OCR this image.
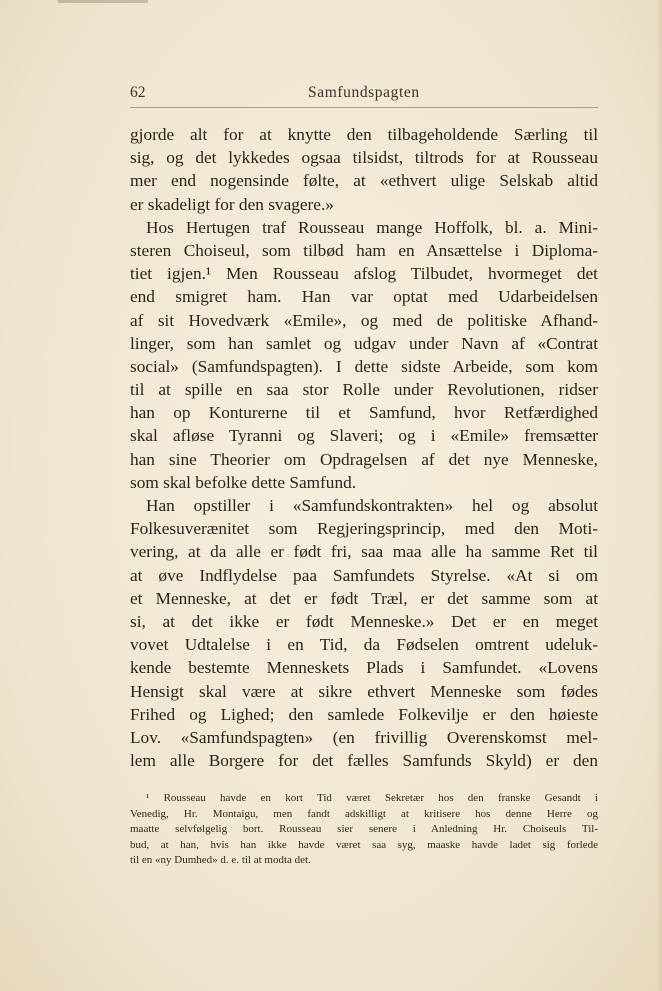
62	Samfundspagten
gjorde alt for at knytte den tilbageholdende Særling til
sig, og det lykkedes ogsaa tilsidst, tiltrods for at Rousseau
mer end nogensinde følte, at «ethvert ulige Selskab altid
er skadeligt for den svagere.»
Hos Hertugen traf Rousseau mange Hoffolk, bl. a. Mini-
steren Choiseul, som tilbød ham en Ansættelse i Diploma-
tiet igjen.¹ Men Rousseau afslog Tilbudet, hvormeget det
end smigret ham. Han var optat med Udarbeidelsen
af sit Hovedværk «Emile», og med de politiske Afhand-
linger, som han samlet og udgav under Navn af «Contrat
social» (Samfundspagten). I dette sidste Arbeide, som kom
til at spille en saa stor Rolle under Revolutionen, ridser
han op Konturerne til et Samfund, hvor Retfærdighed
skal afløse Tyranni og Slaveri; og i «Emile» fremsætter
han sine Theorier om Opdragelsen af det nye Menneske,
som skal befolke dette Samfund.
Han opstiller i «Samfundskontrakten» hel og absolut
Folkesuverænitet som Regjeringsprincip, med den Moti-
vering, at da alle er født fri, saa maa alle ha samme Ret til
at øve Indflydelse paa Samfundets Styrelse. «At si om
et Menneske, at det er født Træl, er det samme som at
si, at det ikke er født Menneske.» Det er en meget
vovet Udtalelse i en Tid, da Fødselen omtrent udeluk-
kende bestemte Menneskets Plads i Samfundet. «Lovens
Hensigt skal være at sikre ethvert Menneske som fødes
Frihed og Lighed; den samlede Folkevilje er den høieste
Lov. «Samfundspagten» (en frivillig Overenskomst mel-
lem alle Borgere for det fælles Samfunds Skyld) er den
¹ Rousseau havde en kort Tid været Sekretær hos den franske Gesandt i
Venedig, Hr. Montaigu, men fandt adskilligt at kritisere hos denne Herre og
maatte selvfølgelig bort. Rousseau sier senere i Anledning Hr. Choiseuls Til-
bud, at han, hvis han ikke havde været saa syg, maaske havde ladet sig forlede
til en «ny Dumhed» d. e. til at modta det.
